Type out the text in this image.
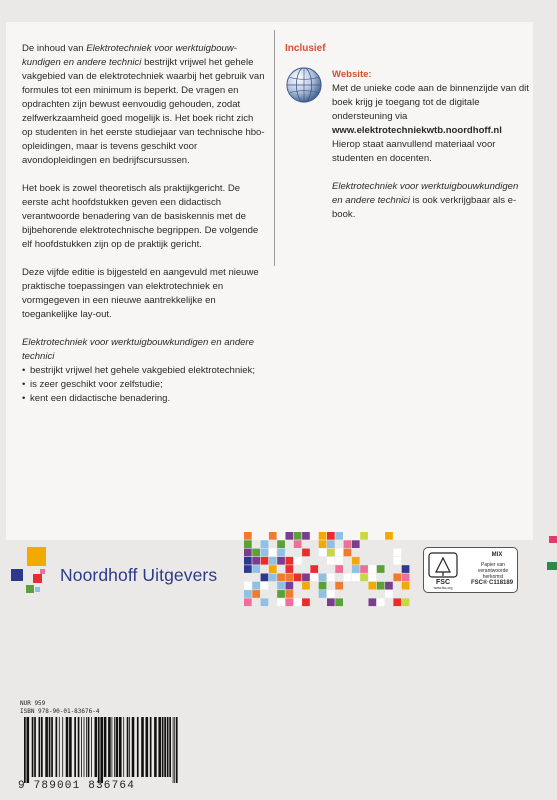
De inhoud van Elektrotechniek voor werktuigbouwkundigen en andere technici bestrijkt vrijwel het gehele vakgebied van de elektrotechniek waarbij het gebruik van formules tot een minimum is beperkt. De vragen en opdrachten zijn bewust eenvoudig gehouden, zodat zelfwerkzaamheid goed mogelijk is. Het boek richt zich op studenten in het eerste studiejaar van technische hbo-opleidingen, maar is tevens geschikt voor avondopleidingen en bedrijfscursussen.

Het boek is zowel theoretisch als praktijkgericht. De eerste acht hoofdstukken geven een didactisch verantwoorde benadering van de basiskennis met de bijbehorende elektrotechnische begrippen. De volgende elf hoofdstukken zijn op de praktijk gericht.

Deze vijfde editie is bijgesteld en aangevuld met nieuwe praktische toepassingen van elektrotechniek en vormgegeven in een nieuwe aantrekkelijke en toegankelijke lay-out.

Elektrotechniek voor werktuigbouwkundigen en andere technici
• bestrijkt vrijwel het gehele vakgebied elektrotechniek;
• is zeer geschikt voor zelfstudie;
• kent een didactische benadering.
Inclusief
Website:
Met de unieke code aan de binnenzijde van dit boek krijg je toegang tot de digitale ondersteuning via
www.elektrotechniekwtb.noordhoff.nl
Hierop staat aanvullend materiaal voor studenten en docenten.
Elektrotechniek voor werktuigbouwkundigen en andere technici is ook verkrijgbaar als e-book.
Noordhoff Uitgevers	FSC
www.fsc.org
MIX
Papier van verantwoorde herkomst
FSC® C118189
NUR 959
ISBN 978-90-01-83676-4
9 789001 836764
